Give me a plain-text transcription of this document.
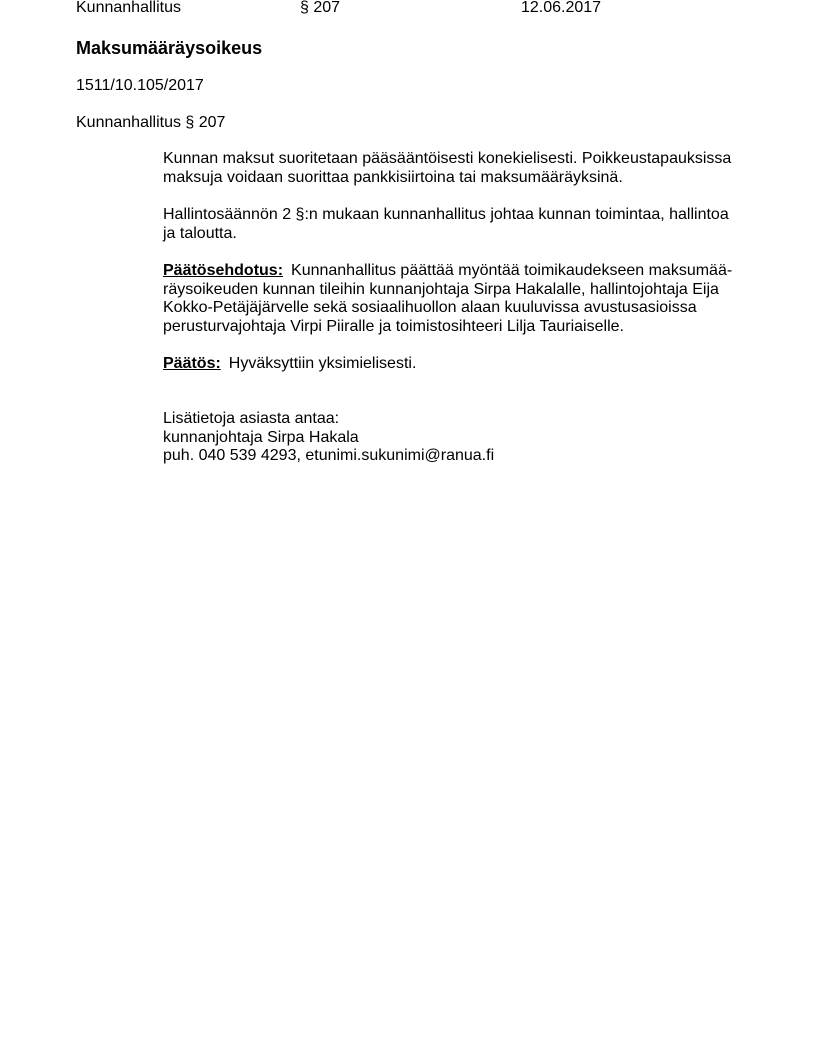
Kunnanhallitus	§ 207	12.06.2017
Maksumääräysoikeus
1511/10.105/2017
Kunnanhallitus § 207

Kunnan maksut suoritetaan pääsääntöisesti konekielisesti. Poikkeustapauksissa

maksuja voidaan suorittaa pankkisiirtoina tai maksumääräyksinä.

Hallintosäännön 2 §:n mukaan kunnanhallitus johtaa kunnan toimintaa, hallintoa

ja taloutta.

Päätösehdotus: Kunnanhallitus päättää myöntää toimikaudekseen maksumää-

räysoikeuden kunnan tileihin kunnanjohtaja Sirpa Hakalalle, hallintojohtaja Eija

Kokko-Petäjäjärvelle sekä sosiaalihuollon alaan kuuluvissa avustusasioissa

perusturvajohtaja Virpi Piiralle ja toimistosihteeri Lilja Tauriaiselle.

Päätös: Hyväksyttiin yksimielisesti.

Lisätietoja asiasta antaa:

kunnanjohtaja Sirpa Hakala

puh. 040 539 4293, etunimi.sukunimi@ranua.fi
